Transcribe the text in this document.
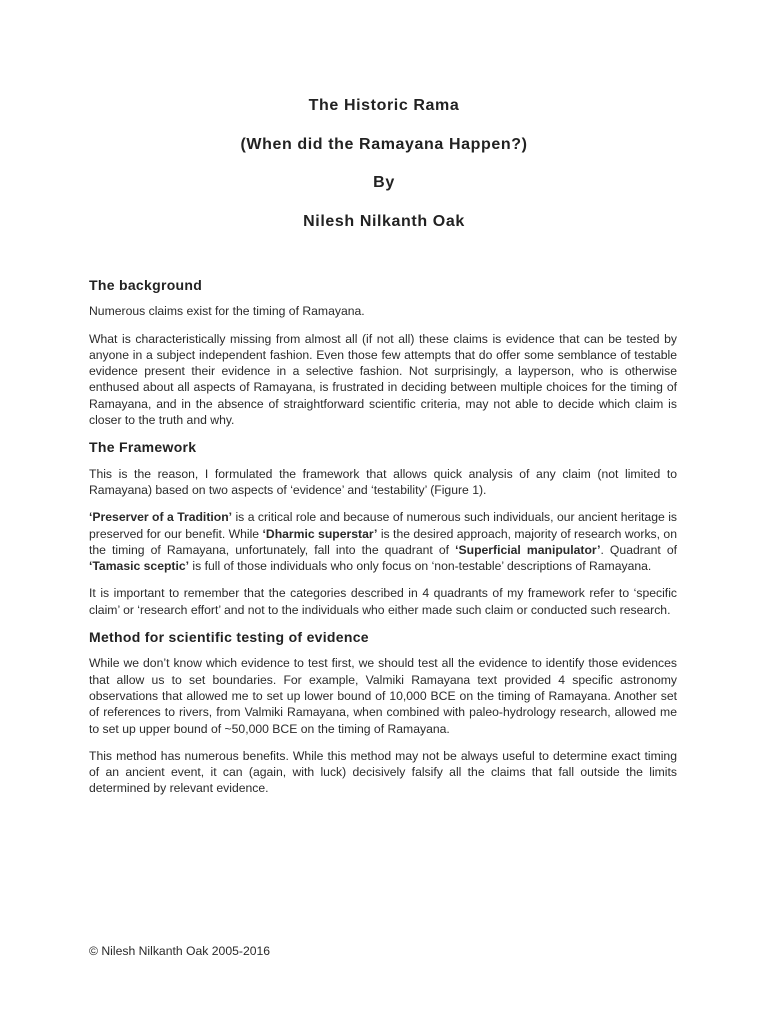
The Historic Rama
(When did the Ramayana Happen?)
By
Nilesh Nilkanth Oak
The background

Numerous claims exist for the timing of Ramayana.

What is characteristically missing from almost all (if not all) these claims is evidence that can be tested by anyone in a subject independent fashion. Even those few attempts that do offer some semblance of testable evidence present their evidence in a selective fashion. Not surprisingly, a layperson, who is otherwise enthused about all aspects of Ramayana, is frustrated in deciding between multiple choices for the timing of Ramayana, and in the absence of straightforward scientific criteria, may not able to decide which claim is closer to the truth and why.

The Framework

This is the reason, I formulated the framework that allows quick analysis of any claim (not limited to Ramayana) based on two aspects of ‘evidence’ and ‘testability’ (Figure 1).

‘Preserver of a Tradition’ is a critical role and because of numerous such individuals, our ancient heritage is preserved for our benefit. While ‘Dharmic superstar’ is the desired approach, majority of research works, on the timing of Ramayana, unfortunately, fall into the quadrant of ‘Superficial manipulator’. Quadrant of ‘Tamasic sceptic’ is full of those individuals who only focus on ‘non-testable’ descriptions of Ramayana.

It is important to remember that the categories described in 4 quadrants of my framework refer to ‘specific claim’ or ‘research effort’ and not to the individuals who either made such claim or conducted such research.

Method for scientific testing of evidence

While we don’t know which evidence to test first, we should test all the evidence to identify those evidences that allow us to set boundaries. For example, Valmiki Ramayana text provided 4 specific astronomy observations that allowed me to set up lower bound of 10,000 BCE on the timing of Ramayana. Another set of references to rivers, from Valmiki Ramayana, when combined with paleo-hydrology research, allowed me to set up upper bound of ~50,000 BCE on the timing of Ramayana.

This method has numerous benefits. While this method may not be always useful to determine exact timing of an ancient event, it can (again, with luck) decisively falsify all the claims that fall outside the limits determined by relevant evidence.

© Nilesh Nilkanth Oak 2005-2016
